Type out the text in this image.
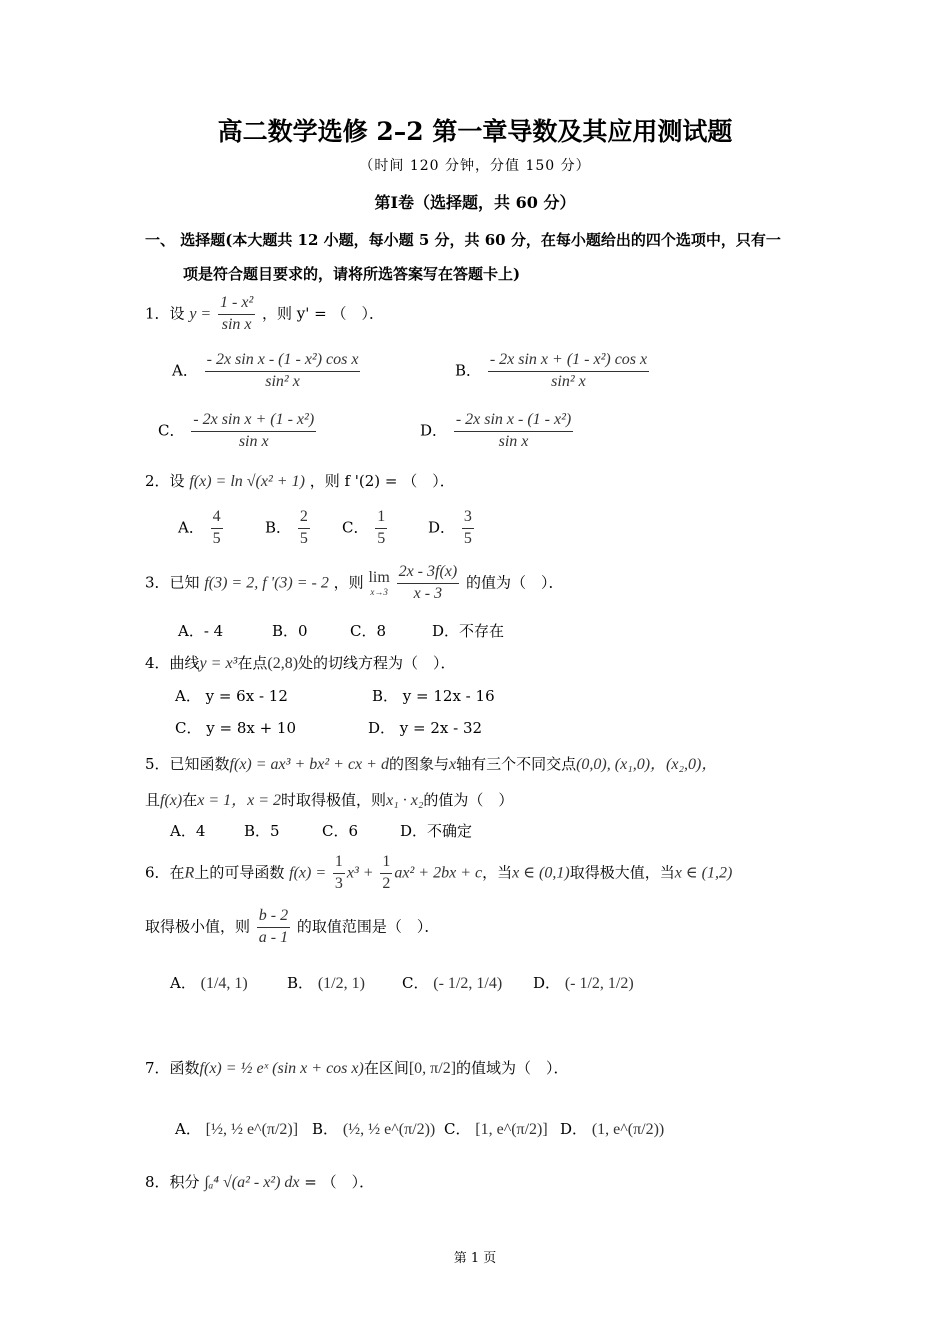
高二数学选修 2–2 第一章导数及其应用测试题
（时间 120 分钟，分值 150 分）
第Ⅰ卷（选择题，共 60 分）
一、 选择题(本大题共 12 小题，每小题 5 分，共 60 分，在每小题给出的四个选项中，只有一
项是符合题目要求的，请将所选答案写在答题卡上)
1．设 $y = \frac{\text{1 - x²}}{\text{sin x}}$ ，则 y' = （　）．
A． $\frac{\text{- 2x sin x - (1 - x²) cos x}}{\text{sin² x}}$	B． $\frac{\text{- 2x sin x + (1 - x²) cos x}}{\text{sin² x}}$
C． $\frac{\text{- 2x sin x + (1 - x²)}}{\text{sin x}}$	D． $\frac{\text{- 2x sin x - (1 - x²)}}{\text{sin x}}$
2．设 f(x) = ln √(x² + 1) ，则 f '(2) = （　）．
A． $\frac{4}{5}$	B． $\frac{2}{5}$ C． $\frac{1}{5}$	D． $\frac{3}{5}$
3．已知 f(3) = 2, f '(3) = - 2 ，则 lim
x→3
$\frac{2x - 3f(x)}{x - 3}$ 的值为（　）．
A．- 4	B．0	C．8	D．不存在
4．曲线y = x³在点(2,8)处的切线方程为（　）．
A． y = 6x - 12	B． y = 12x - 16
C． y = 8x + 10	D． y = 2x - 32
5．已知函数f(x) = ax³ + bx² + cx + d的图象与x轴有三个不同交点(0,0), (x₁,0)，(x₂,0)，
且f(x)在x = 1，x = 2时取得极值，则x₁ · x₂的值为（　）
A．4	B．5	C．6	D．不确定
6．在R上的可导函数 $f(x) = \frac{1}{3} x^3 + \frac{1}{2} ax^2 + 2bx + c$，当x ∈ (0,1)取得极大值，当x ∈ (1,2)
取得极小值，则 $\frac{b - 2}{a - 1}$ 的取值范围是（　）．
A． (1/4, 1)	B． (1/2, 1) C． (- 1/2, 1/4) D． (- 1/2, 1/2)
7．函数f(x) = ½ eˣ (sin x + cos x)在区间[0, π/2]的值域为（　）．
A． [½, ½ e^(π/2)] B． (½, ½ e^(π/2)) C． [1, e^(π/2)] D． (1, e^(π/2))
8．积分 ∫ₐ⁴ √(a² - x²) dx = （　）．
第 1 页
